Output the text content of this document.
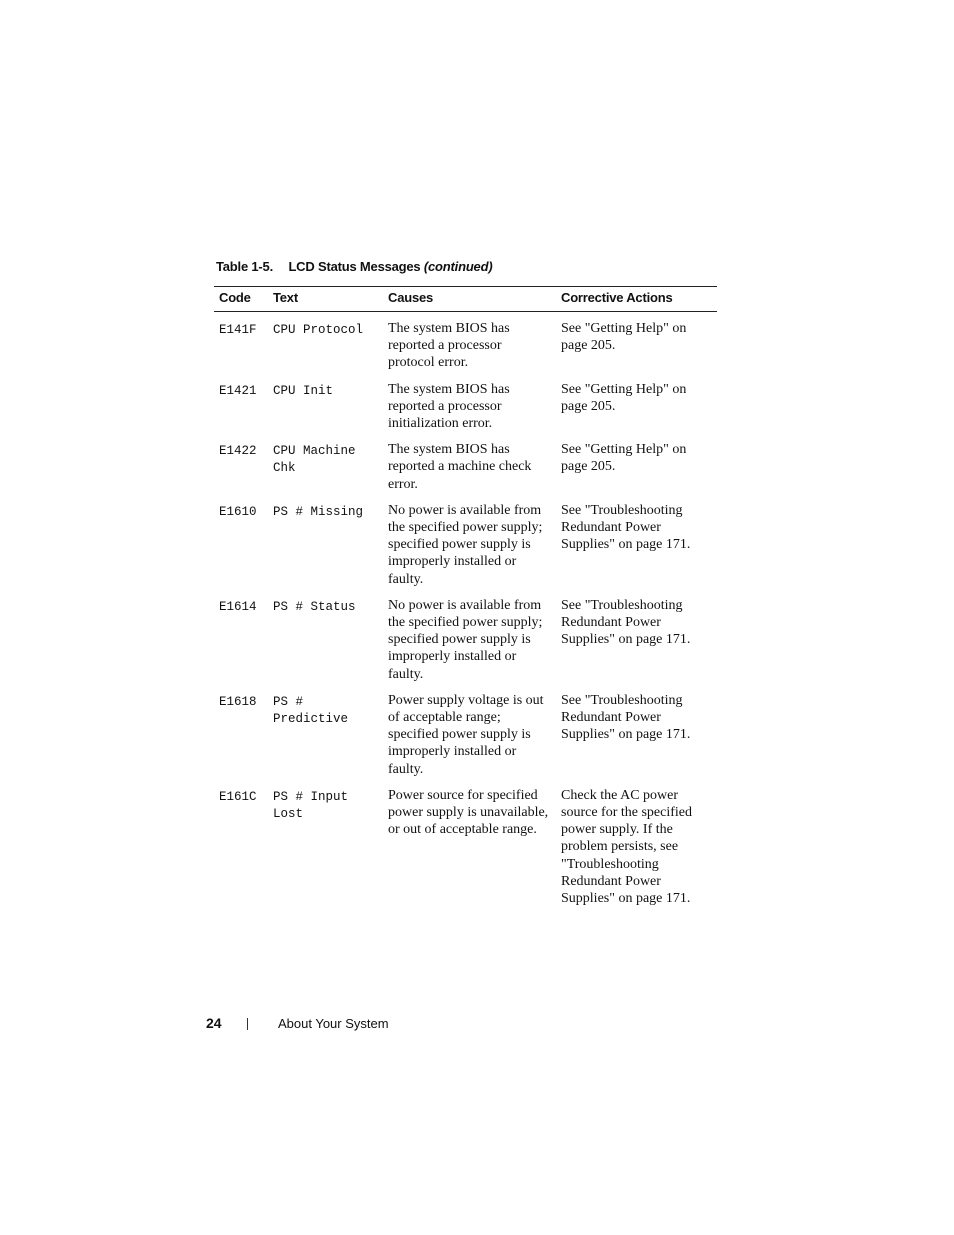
Table 1-5. LCD Status Messages (continued)
Code	Text	Causes	Corrective Actions
E141F	CPU Protocol	The system BIOS has reported a processor protocol error.	See "Getting Help" on page 205.
E1421	CPU Init	The system BIOS has reported a processor initialization error.	See "Getting Help" on page 205.
E1422	CPU Machine Chk	The system BIOS has reported a machine check error.	See "Getting Help" on page 205.
E1610	PS # Missing	No power is available from the specified power supply; specified power supply is improperly installed or faulty.	See "Troubleshooting Redundant Power Supplies" on page 171.
E1614	PS # Status	No power is available from the specified power supply; specified power supply is improperly installed or faulty.	See "Troubleshooting Redundant Power Supplies" on page 171.
E1618	PS # Predictive	Power supply voltage is out of acceptable range; specified power supply is improperly installed or faulty.	See "Troubleshooting Redundant Power Supplies" on page 171.
E161C	PS # Input Lost	Power source for specified power supply is unavailable, or out of acceptable range.	Check the AC power source for the specified power supply. If the problem persists, see "Troubleshooting Redundant Power Supplies" on page 171.
24	About Your System
